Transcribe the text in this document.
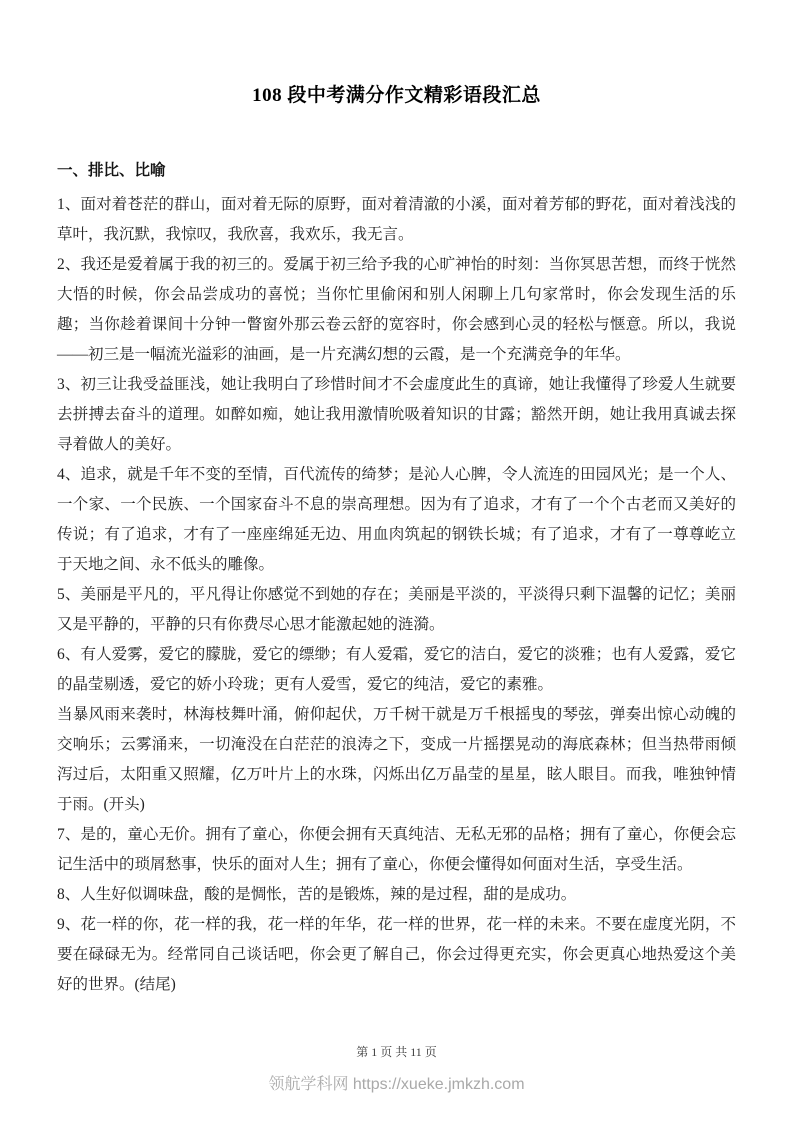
108 段中考满分作文精彩语段汇总
一、排比、比喻

1、面对着苍茫的群山，面对着无际的原野，面对着清澈的小溪，面对着芳郁的野花，面对着浅浅的草叶，我沉默，我惊叹，我欣喜，我欢乐，我无言。

2、我还是爱着属于我的初三的。爱属于初三给予我的心旷神怡的时刻：当你冥思苦想，而终于恍然大悟的时候，你会品尝成功的喜悦；当你忙里偷闲和别人闲聊上几句家常时，你会发现生活的乐趣；当你趁着课间十分钟一瞥窗外那云卷云舒的宽容时，你会感到心灵的轻松与惬意。所以，我说——初三是一幅流光溢彩的油画，是一片充满幻想的云霞，是一个充满竞争的年华。

3、初三让我受益匪浅，她让我明白了珍惜时间才不会虚度此生的真谛，她让我懂得了珍爱人生就要去拼搏去奋斗的道理。如醉如痴，她让我用激情吮吸着知识的甘露；豁然开朗，她让我用真诚去探寻着做人的美好。

4、追求，就是千年不变的至情，百代流传的绮梦；是沁人心脾，令人流连的田园风光；是一个人、一个家、一个民族、一个国家奋斗不息的崇高理想。因为有了追求，才有了一个个古老而又美好的传说；有了追求，才有了一座座绵延无边、用血肉筑起的钢铁长城；有了追求，才有了一尊尊屹立于天地之间、永不低头的雕像。

5、美丽是平凡的，平凡得让你感觉不到她的存在；美丽是平淡的，平淡得只剩下温馨的记忆；美丽又是平静的，平静的只有你费尽心思才能激起她的涟漪。

6、有人爱雾，爱它的朦胧，爱它的缥缈；有人爱霜，爱它的洁白，爱它的淡雅；也有人爱露，爱它的晶莹剔透，爱它的娇小玲珑；更有人爱雪，爱它的纯洁，爱它的素雅。

当暴风雨来袭时，林海枝舞叶涌，俯仰起伏，万千树干就是万千根摇曳的琴弦，弹奏出惊心动魄的交响乐；云雾涌来，一切淹没在白茫茫的浪涛之下，变成一片摇摆晃动的海底森林；但当热带雨倾泻过后，太阳重又照耀，亿万叶片上的水珠，闪烁出亿万晶莹的星星，眩人眼目。而我，唯独钟情于雨。(开头)

7、是的，童心无价。拥有了童心，你便会拥有天真纯洁、无私无邪的品格；拥有了童心，你便会忘记生活中的琐屑愁事，快乐的面对人生；拥有了童心，你便会懂得如何面对生活，享受生活。

8、人生好似调味盘，酸的是惆怅，苦的是锻炼，辣的是过程，甜的是成功。

9、花一样的你，花一样的我，花一样的年华，花一样的世界，花一样的未来。不要在虚度光阴，不要在碌碌无为。经常同自己谈话吧，你会更了解自己，你会过得更充实，你会更真心地热爱这个美好的世界。(结尾)

第 1 页 共 11 页
领航学科网 https://xueke.jmkzh.com
